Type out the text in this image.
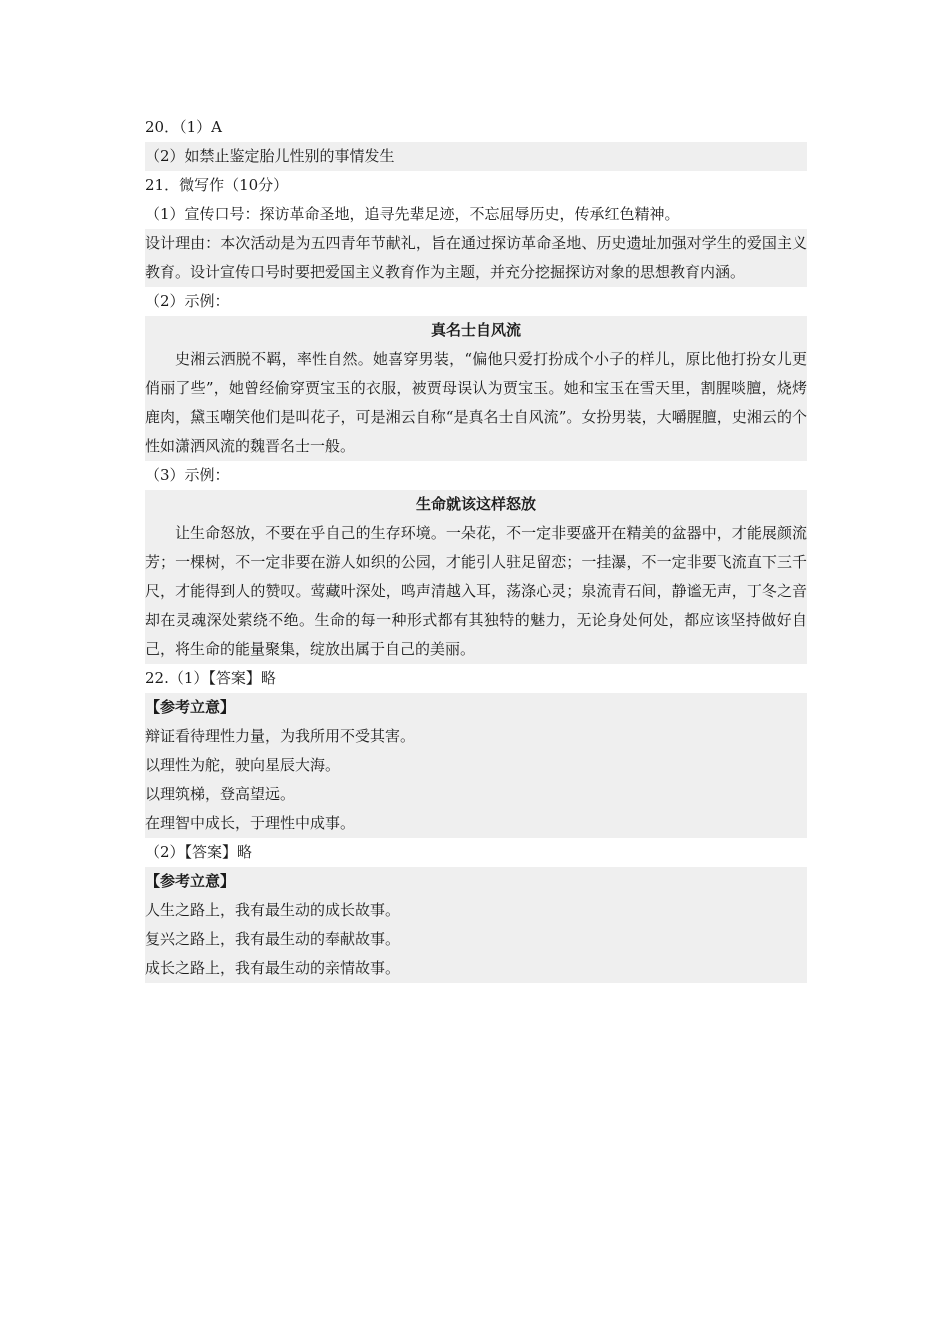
20．（1）A
（2）如禁止鉴定胎儿性别的事情发生
21．微写作（10分）
（1）宣传口号：探访革命圣地，追寻先辈足迹，不忘屈辱历史，传承红色精神。
设计理由：本次活动是为五四青年节献礼，旨在通过探访革命圣地、历史遗址加强对学生的爱国主义教育。设计宣传口号时要把爱国主义教育作为主题，并充分挖掘探访对象的思想教育内涵。
（2）示例：
真名士自风流

史湘云洒脱不羁，率性自然。她喜穿男装，“偏他只爱打扮成个小子的样儿，原比他打扮女儿更俏丽了些”，她曾经偷穿贾宝玉的衣服，被贾母误认为贾宝玉。她和宝玉在雪天里，割腥啖膻，烧烤鹿肉，黛玉嘲笑他们是叫花子，可是湘云自称“是真名士自风流”。女扮男装，大嚼腥膻，史湘云的个性如潇洒风流的魏晋名士一般。

（3）示例：
生命就该这样怒放

让生命怒放，不要在乎自己的生存环境。一朵花，不一定非要盛开在精美的盆器中，才能展颜流芳；一棵树，不一定非要在游人如织的公园，才能引人驻足留恋；一挂瀑，不一定非要飞流直下三千尺，才能得到人的赞叹。莺藏叶深处，鸣声清越入耳，荡涤心灵；泉流青石间，静谧无声，丁冬之音却在灵魂深处萦绕不绝。生命的每一种形式都有其独特的魅力，无论身处何处，都应该坚持做好自己，将生命的能量聚集，绽放出属于自己的美丽。

22.（1）【答案】略
【参考立意】
辩证看待理性力量，为我所用不受其害。
以理性为舵，驶向星辰大海。
以理筑梯，登高望远。
在理智中成长，于理性中成事。
（2）【答案】略
【参考立意】
人生之路上，我有最生动的成长故事。
复兴之路上，我有最生动的奉献故事。
成长之路上，我有最生动的亲情故事。
